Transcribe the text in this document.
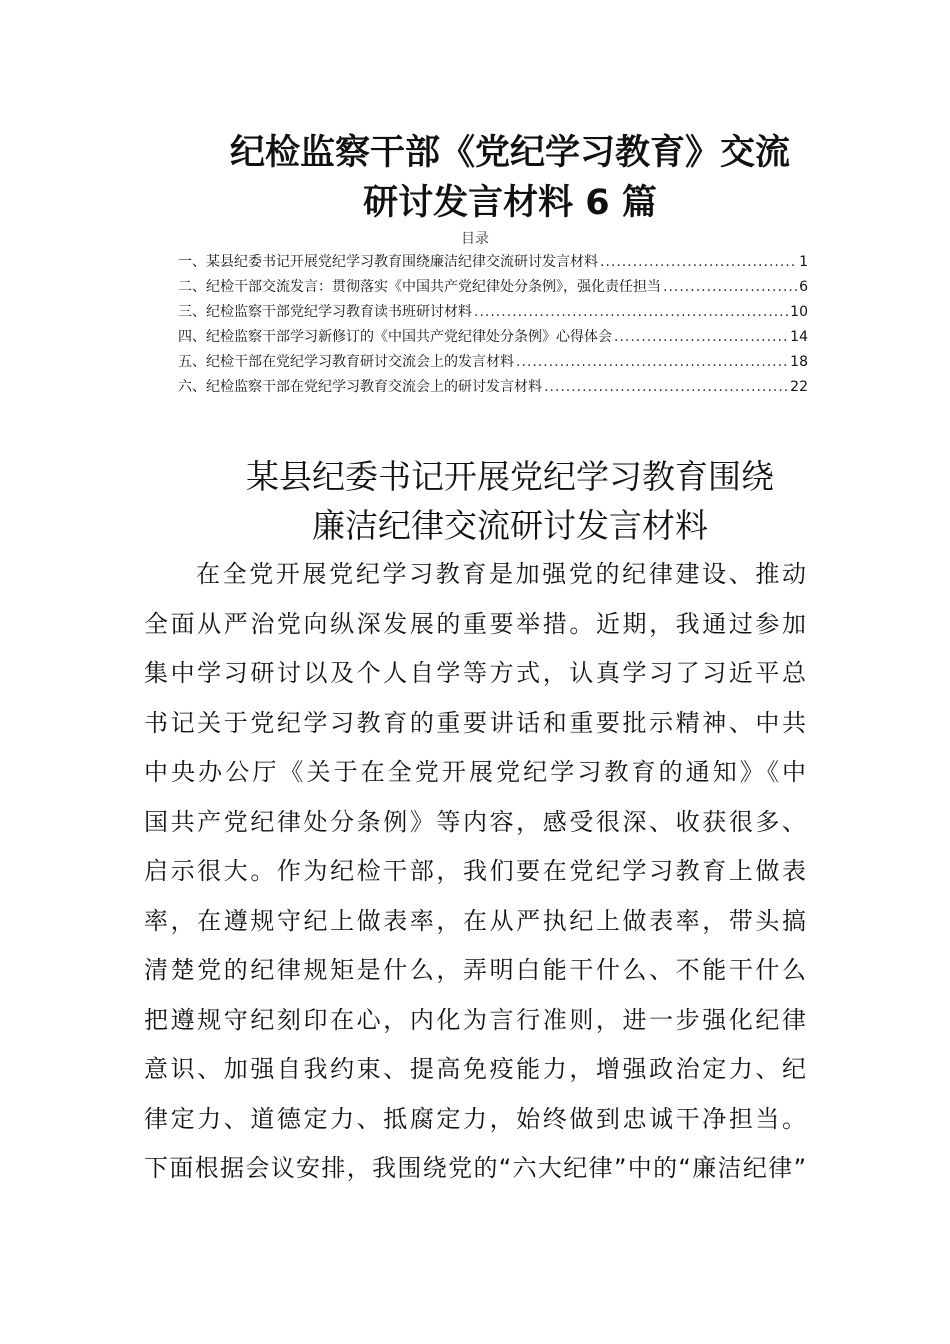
纪检监察干部《党纪学习教育》交流
研讨发言材料 6 篇
目录
一、某县纪委书记开展党纪学习教育围绕廉洁纪律交流研讨发言材料 .....	1
二、纪检干部交流发言：贯彻落实《中国共产党纪律处分条例》，强化责任担当 .....	6
三、纪检监察干部党纪学习教育读书班研讨材料 .....	10
四、纪检监察干部学习新修订的《中国共产党纪律处分条例》心得体会 .....	14
五、纪检干部在党纪学习教育研讨交流会上的发言材料 .....	18
六、纪检监察干部在党纪学习教育交流会上的研讨发言材料 .....	22
某县纪委书记开展党纪学习教育围绕
廉洁纪律交流研讨发言材料
在全党开展党纪学习教育是加强党的纪律建设、推动
全面从严治党向纵深发展的重要举措。近期，我通过参加
集中学习研讨以及个人自学等方式，认真学习了习近平总
书记关于党纪学习教育的重要讲话和重要批示精神、中共
中央办公厅《关于在全党开展党纪学习教育的通知》《中
国共产党纪律处分条例》等内容，感受很深、收获很多、
启示很大。作为纪检干部，我们要在党纪学习教育上做表
率，在遵规守纪上做表率，在从严执纪上做表率，带头搞
清楚党的纪律规矩是什么，弄明白能干什么、不能干什么
把遵规守纪刻印在心，内化为言行准则，进一步强化纪律
意识、加强自我约束、提高免疫能力，增强政治定力、纪
律定力、道德定力、抵腐定力，始终做到忠诚干净担当。
下面根据会议安排，我围绕党的“六大纪律”中的“廉洁纪律”
